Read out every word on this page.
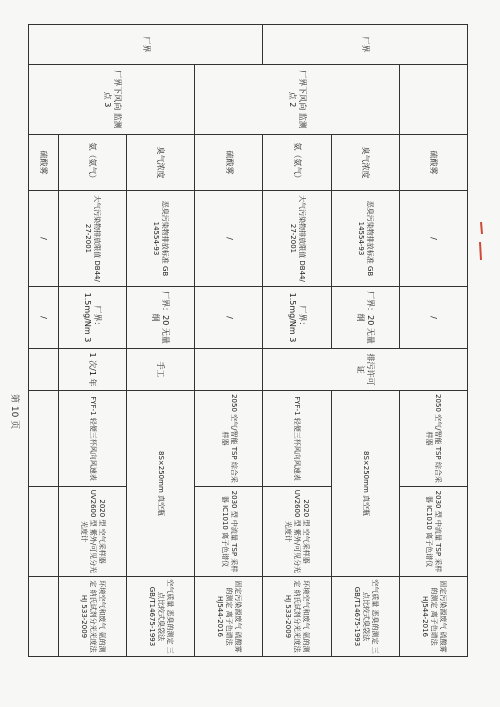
厂界		硫酸雾	/	/	排污许可证	2050 空气/智能 TSP 综合采样器	2030 型 中流量 TSP 采样器 IC1010 离子色谱仪	固定污染源废气 硫酸雾的测定 离子色谱法 HJ544-2016
	厂界下风向 监测点 2	臭气浓度	恶臭污染物排放标准 GB 14554-93	厂界：20 无量纲		8S×250mm 真空瓶		空气质量 恶臭的测定 三点比较式臭袋法 GB/T14675-1993
		氨（氨气）	大气污染物排放限值 DB44/ 27-2001	厂界：1.5mg/Nm 3		FYF-1 轻便三杯风向风速表	2020 型 空气采样器 UV2600 型 紫外/可见分光光度计	环境空气和废气 氨的测定 纳氏试剂分光光度法 HJ 533-2009
厂界		硫酸雾	/	/		2050 空气/智能 TSP 综合采样器	2030 型 中流量 TSP 采样器 IC1010 离子色谱仪	固定污染源废气 硫酸雾的测定 离子色谱法 HJ544-2016
	厂界下风向 监测点 3	臭气浓度	恶臭污染物排放标准 GB 14554-93	厂界：20 无量纲	手工	8S×250mm 真空瓶		空气质量 恶臭的测定 三点比较式臭袋法 GB/T14675-1993
		氨（氨气）	大气污染物排放限值 DB44/ 27-2001	厂界：1.5mg/Nm 3	1 次/1 年	FYF-1 轻便三杯风向风速表	2020 型 空气采样器 UV2600 型 紫外/可见分光光度计	环境空气和废气 氨的测定 纳氏试剂分光光度法 HJ 533-2009
		硫酸雾	/	/				
第 10 页
